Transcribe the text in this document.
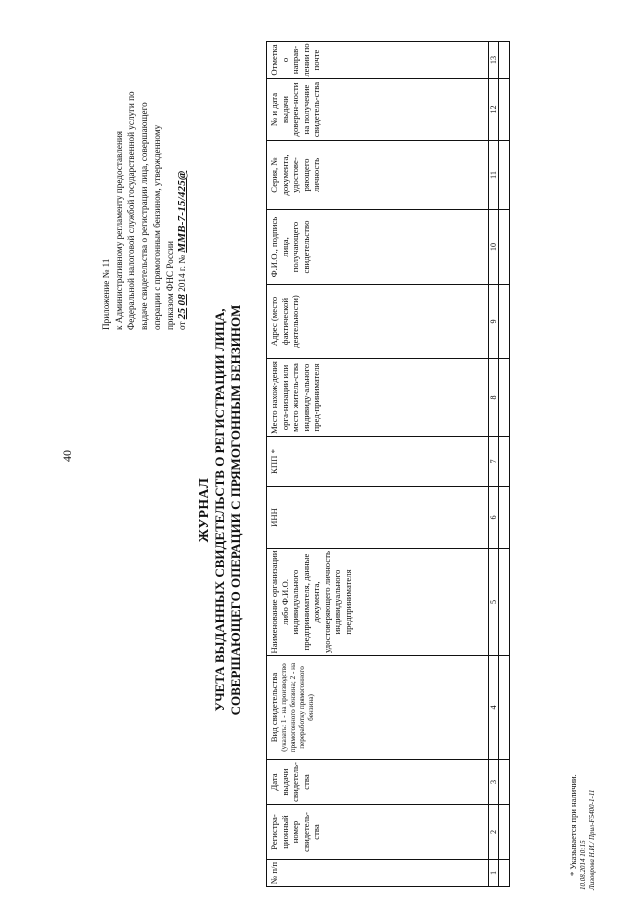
40
Приложение № 11 к Административному регламенту предоставления Федеральной налоговой службой государственной услуги по выдаче свидетельства о регистрации лица, совершающего операции с прямогонным бензином, утвержденному приказом ФНС России от 25 08 2014 г. № ММВ-7-15/425@
ЖУРНАЛ УЧЕТА ВЫДАННЫХ СВИДЕТЕЛЬСТВ О РЕГИСТРАЦИИ ЛИЦА, СОВЕРШАЮЩЕГО ОПЕРАЦИИ С ПРЯМОГОННЫМ БЕНЗИНОМ
№ п/п	Регистра-ционный номер свидетель-ства	Дата выдачи свидетель-ства	Вид свидетельства (указать: 1 - на производство прямогонного бензина; 2 - на переработку прямогонного бензина)	Наименование организации либо Ф.И.О. индивидуального предпринимателя, данные документа, удостоверяющего личность индивидуального предпринимателя	ИНН	КПП *	Место нахож-дения орга-низации или место житель-ства индивиду-ального пред-принимателя	Адрес (место фактической деятельности)	Ф.И.О., подпись лица, получающего свидетельство	Серия, № документа, удостове-ряющего личность	№ и дата выдачи доверен-ности на получение свидетель-ства	Отметка о направ-лении по почте
1	2	3	4	5	6	7	8	9	10	11	12	13

* Указывается при наличии. 10.08.2014 10:15 Лизоврова Н.И./ Прил-F5400-1-11
